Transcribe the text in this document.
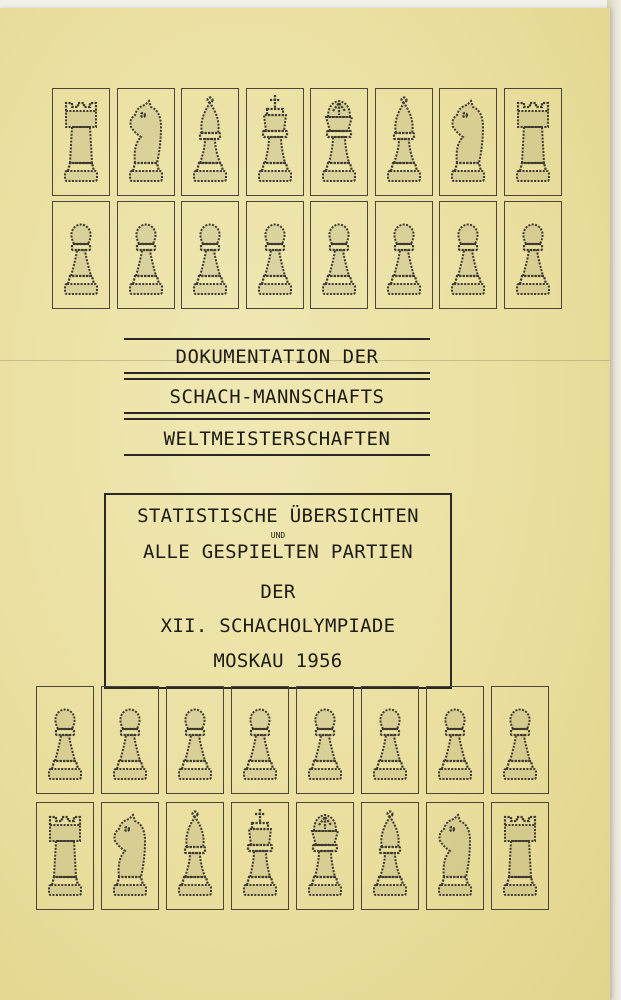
DOKUMENTATION DER
SCHACH-MANNSCHAFTS
WELTMEISTERSCHAFTEN
STATISTISCHE ÜBERSICHTEN
UND
ALLE GESPIELTEN PARTIEN
DER
XII. SCHACHOLYMPIADE
MOSKAU 1956
